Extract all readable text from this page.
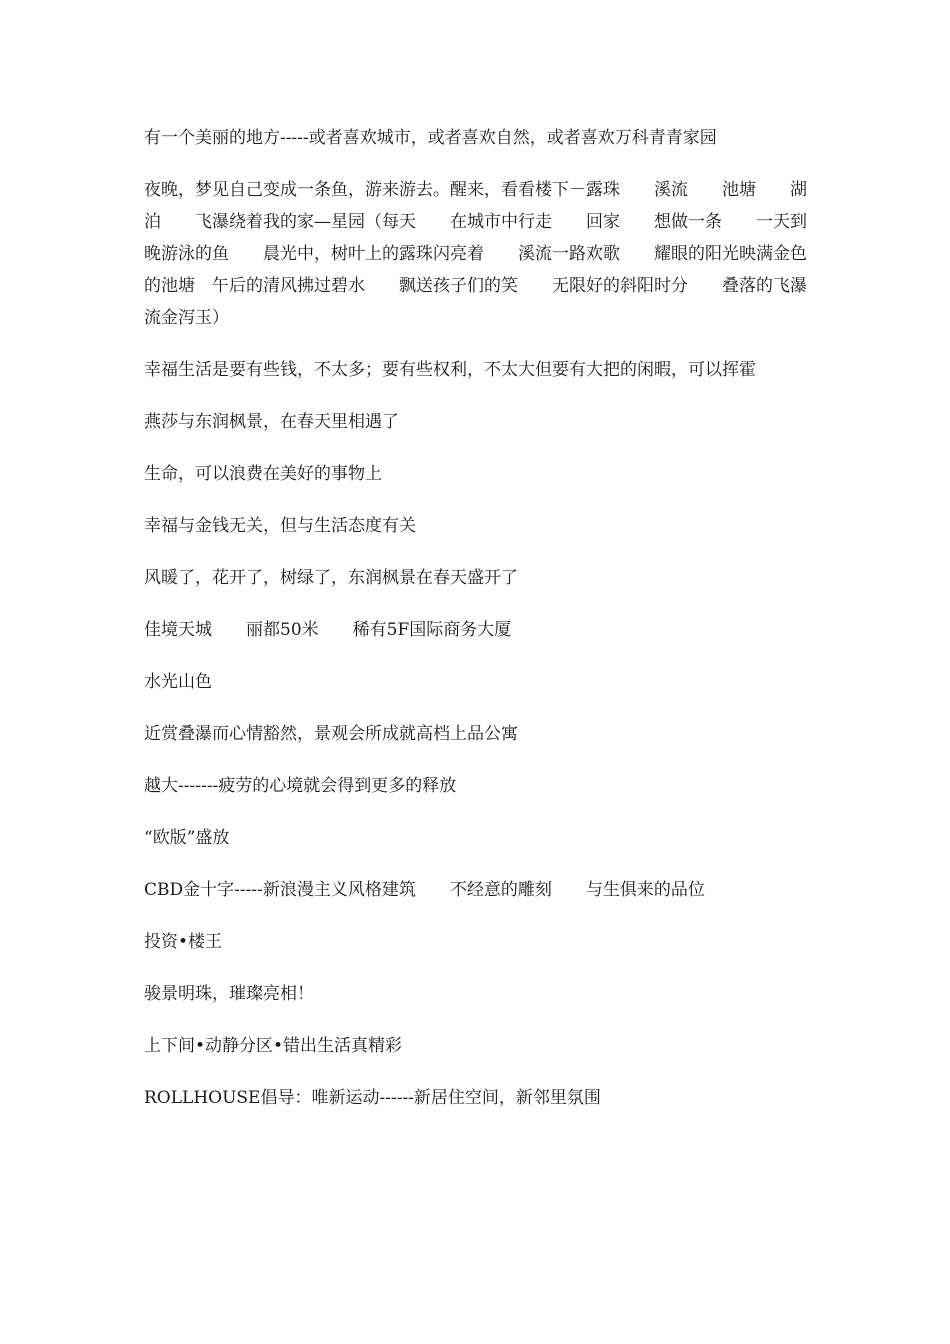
有一个美丽的地方-----或者喜欢城市，或者喜欢自然，或者喜欢万科青青家园

夜晚，梦见自己变成一条鱼，游来游去。醒来，看看楼下－露珠　　溪流　　池塘　　湖泊　　飞瀑绕着我的家—星园（每天　　在城市中行走　　回家　　想做一条　　一天到晚游泳的鱼　　晨光中，树叶上的露珠闪亮着　　溪流一路欢歌　　耀眼的阳光映满金色的池塘　午后的清风拂过碧水　　飘送孩子们的笑　　无限好的斜阳时分　　叠落的飞瀑流金泻玉）

幸福生活是要有些钱，不太多；要有些权利，不太大但要有大把的闲暇，可以挥霍

燕莎与东润枫景，在春天里相遇了

生命，可以浪费在美好的事物上

幸福与金钱无关，但与生活态度有关

风暖了，花开了，树绿了，东润枫景在春天盛开了

佳境天城　　丽都50米　　稀有5F国际商务大厦

水光山色

近赏叠瀑而心情豁然，景观会所成就高档上品公寓

越大-------疲劳的心境就会得到更多的释放

“欧版”盛放

CBD金十字-----新浪漫主义风格建筑　　不经意的雕刻　　与生俱来的品位

投资•楼王

骏景明珠，璀璨亮相！

上下间•动静分区•错出生活真精彩

ROLLHOUSE倡导：唯新运动------新居住空间，新邻里氛围
